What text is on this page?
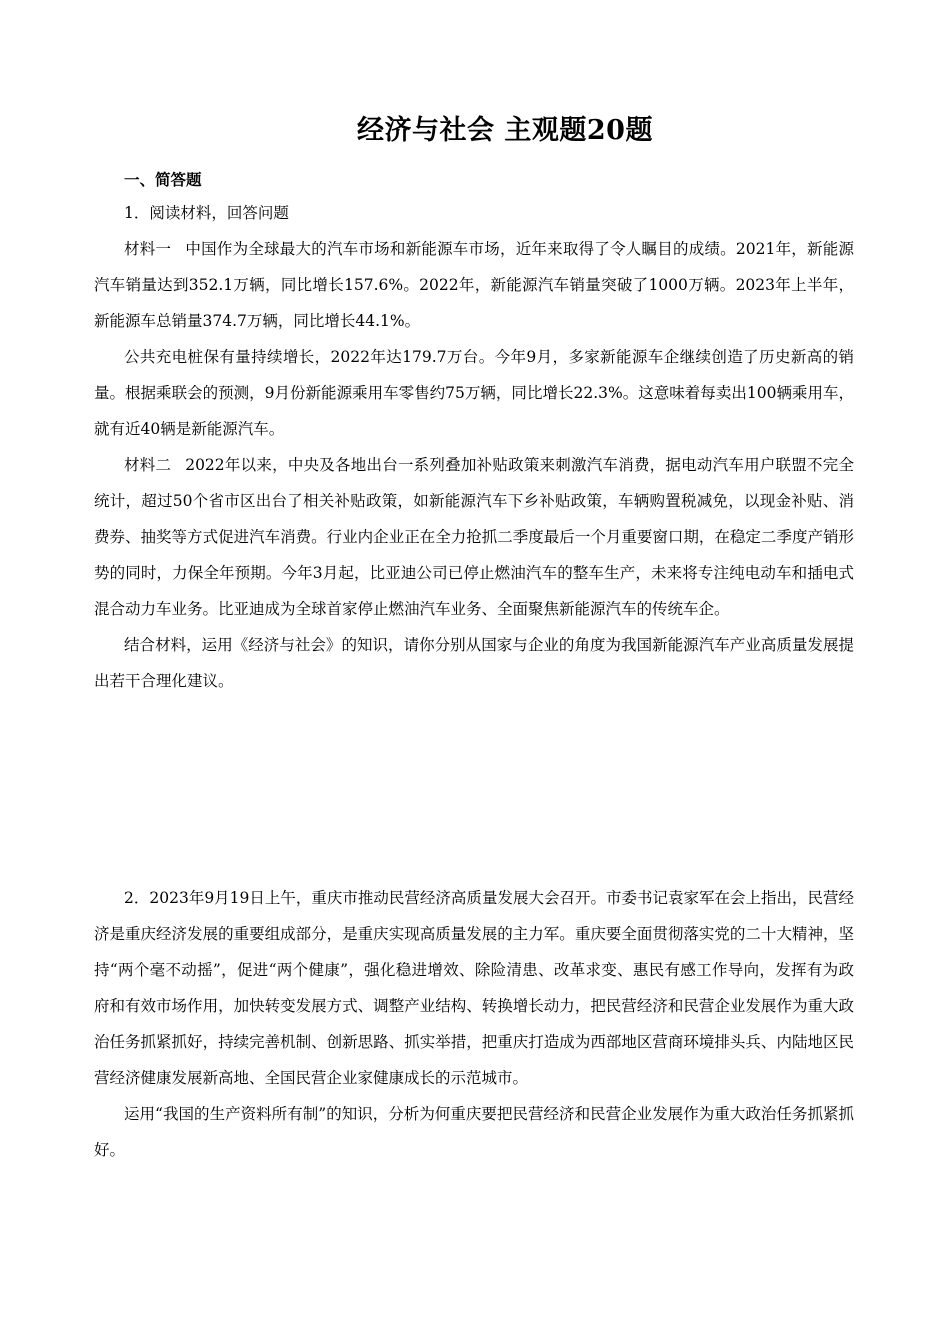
经济与社会 主观题20题
一、简答题

1．阅读材料，回答问题

材料一 中国作为全球最大的汽车市场和新能源车市场，近年来取得了令人瞩目的成绩。2021年，新能源汽车销量达到352.1万辆，同比增长157.6%。2022年，新能源汽车销量突破了1000万辆。2023年上半年，新能源车总销量374.7万辆，同比增长44.1%。

公共充电桩保有量持续增长，2022年达179.7万台。今年9月，多家新能源车企继续创造了历史新高的销量。根据乘联会的预测，9月份新能源乘用车零售约75万辆，同比增长22.3%。这意味着每卖出100辆乘用车，就有近40辆是新能源汽车。

材料二 2022年以来，中央及各地出台一系列叠加补贴政策来刺激汽车消费，据电动汽车用户联盟不完全统计，超过50个省市区出台了相关补贴政策，如新能源汽车下乡补贴政策，车辆购置税减免，以现金补贴、消费券、抽奖等方式促进汽车消费。行业内企业正在全力抢抓二季度最后一个月重要窗口期，在稳定二季度产销形势的同时，力保全年预期。今年3月起，比亚迪公司已停止燃油汽车的整车生产，未来将专注纯电动车和插电式混合动力车业务。比亚迪成为全球首家停止燃油汽车业务、全面聚焦新能源汽车的传统车企。

结合材料，运用《经济与社会》的知识，请你分别从国家与企业的角度为我国新能源汽车产业高质量发展提出若干合理化建议。

2．2023年9月19日上午，重庆市推动民营经济高质量发展大会召开。市委书记袁家军在会上指出，民营经济是重庆经济发展的重要组成部分，是重庆实现高质量发展的主力军。重庆要全面贯彻落实党的二十大精神，坚持“两个毫不动摇”，促进“两个健康”，强化稳进增效、除险清患、改革求变、惠民有感工作导向，发挥有为政府和有效市场作用，加快转变发展方式、调整产业结构、转换增长动力，把民营经济和民营企业发展作为重大政治任务抓紧抓好，持续完善机制、创新思路、抓实举措，把重庆打造成为西部地区营商环境排头兵、内陆地区民营经济健康发展新高地、全国民营企业家健康成长的示范城市。

运用“我国的生产资料所有制”的知识，分析为何重庆要把民营经济和民营企业发展作为重大政治任务抓紧抓好。
